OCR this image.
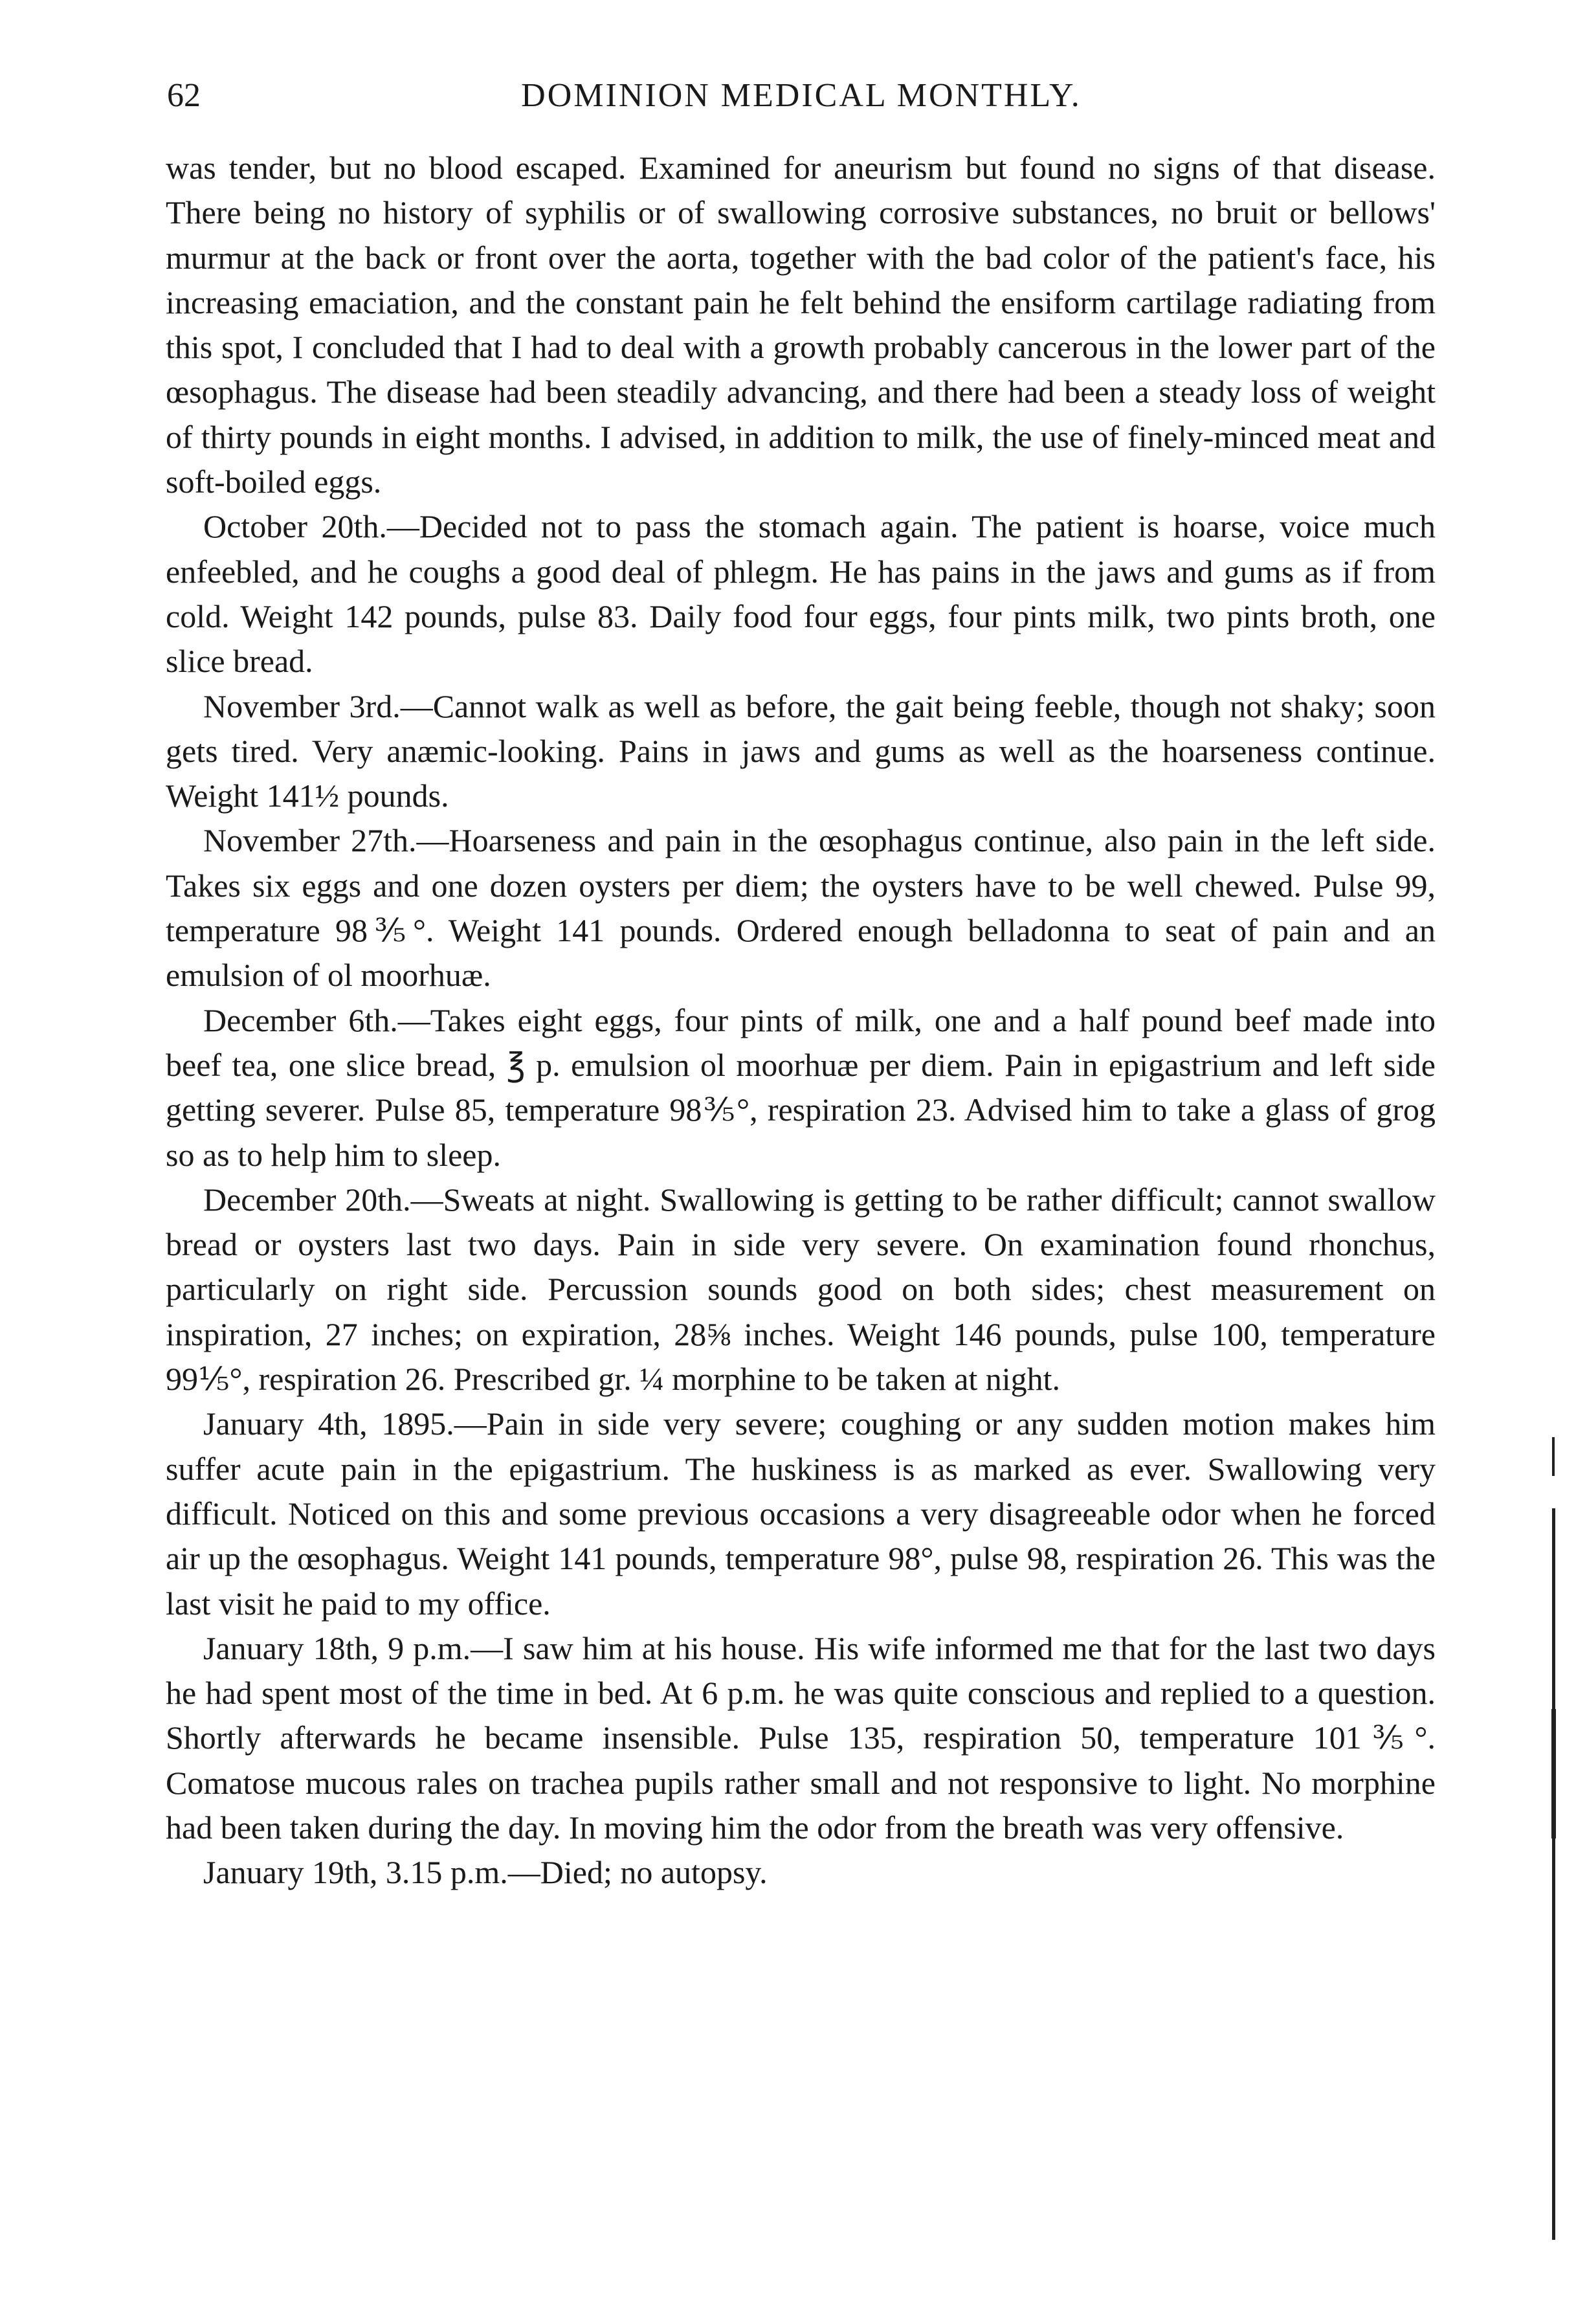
62	DOMINION MEDICAL MONTHLY.

was tender, but no blood escaped. Examined for aneurism but found no signs of that disease. There being no history of syphilis or of swallowing corrosive substances, no bruit or bellows' murmur at the back or front over the aorta, together with the bad color of the patient's face, his increasing emaciation, and the constant pain he felt behind the ensiform cartilage radiating from this spot, I concluded that I had to deal with a growth probably cancerous in the lower part of the œsophagus. The disease had been steadily advancing, and there had been a steady loss of weight of thirty pounds in eight months. I advised, in addition to milk, the use of finely-minced meat and soft-boiled eggs.

October 20th.—Decided not to pass the stomach again. The patient is hoarse, voice much enfeebled, and he coughs a good deal of phlegm. He has pains in the jaws and gums as if from cold. Weight 142 pounds, pulse 83. Daily food four eggs, four pints milk, two pints broth, one slice bread.

November 3rd.—Cannot walk as well as before, the gait being feeble, though not shaky; soon gets tired. Very anæmic-looking. Pains in jaws and gums as well as the hoarseness continue. Weight 141½ pounds.

November 27th.—Hoarseness and pain in the œsophagus continue, also pain in the left side. Takes six eggs and one dozen oysters per diem; the oysters have to be well chewed. Pulse 99, temperature 98⅗°. Weight 141 pounds. Ordered enough belladonna to seat of pain and an emulsion of ol moorhuæ.

December 6th.—Takes eight eggs, four pints of milk, one and a half pound beef made into beef tea, one slice bread, ℥ p. emulsion ol moorhuæ per diem. Pain in epigastrium and left side getting severer. Pulse 85, temperature 98⅗°, respiration 23. Advised him to take a glass of grog so as to help him to sleep.

December 20th.—Sweats at night. Swallowing is getting to be rather difficult; cannot swallow bread or oysters last two days. Pain in side very severe. On examination found rhonchus, particularly on right side. Percussion sounds good on both sides; chest measurement on inspiration, 27 inches; on expiration, 28⅝ inches. Weight 146 pounds, pulse 100, temperature 99⅕°, respiration 26. Prescribed gr. ¼ morphine to be taken at night.

January 4th, 1895.—Pain in side very severe; coughing or any sudden motion makes him suffer acute pain in the epigastrium. The huskiness is as marked as ever. Swallowing very difficult. Noticed on this and some previous occasions a very disagreeable odor when he forced air up the œsophagus. Weight 141 pounds, temperature 98°, pulse 98, respiration 26. This was the last visit he paid to my office.

January 18th, 9 p.m.—I saw him at his house. His wife informed me that for the last two days he had spent most of the time in bed. At 6 p.m. he was quite conscious and replied to a question. Shortly afterwards he became insensible. Pulse 135, respiration 50, temperature 101⅗°. Comatose mucous rales on trachea pupils rather small and not responsive to light. No morphine had been taken during the day. In moving him the odor from the breath was very offensive.

January 19th, 3.15 p.m.—Died; no autopsy.
